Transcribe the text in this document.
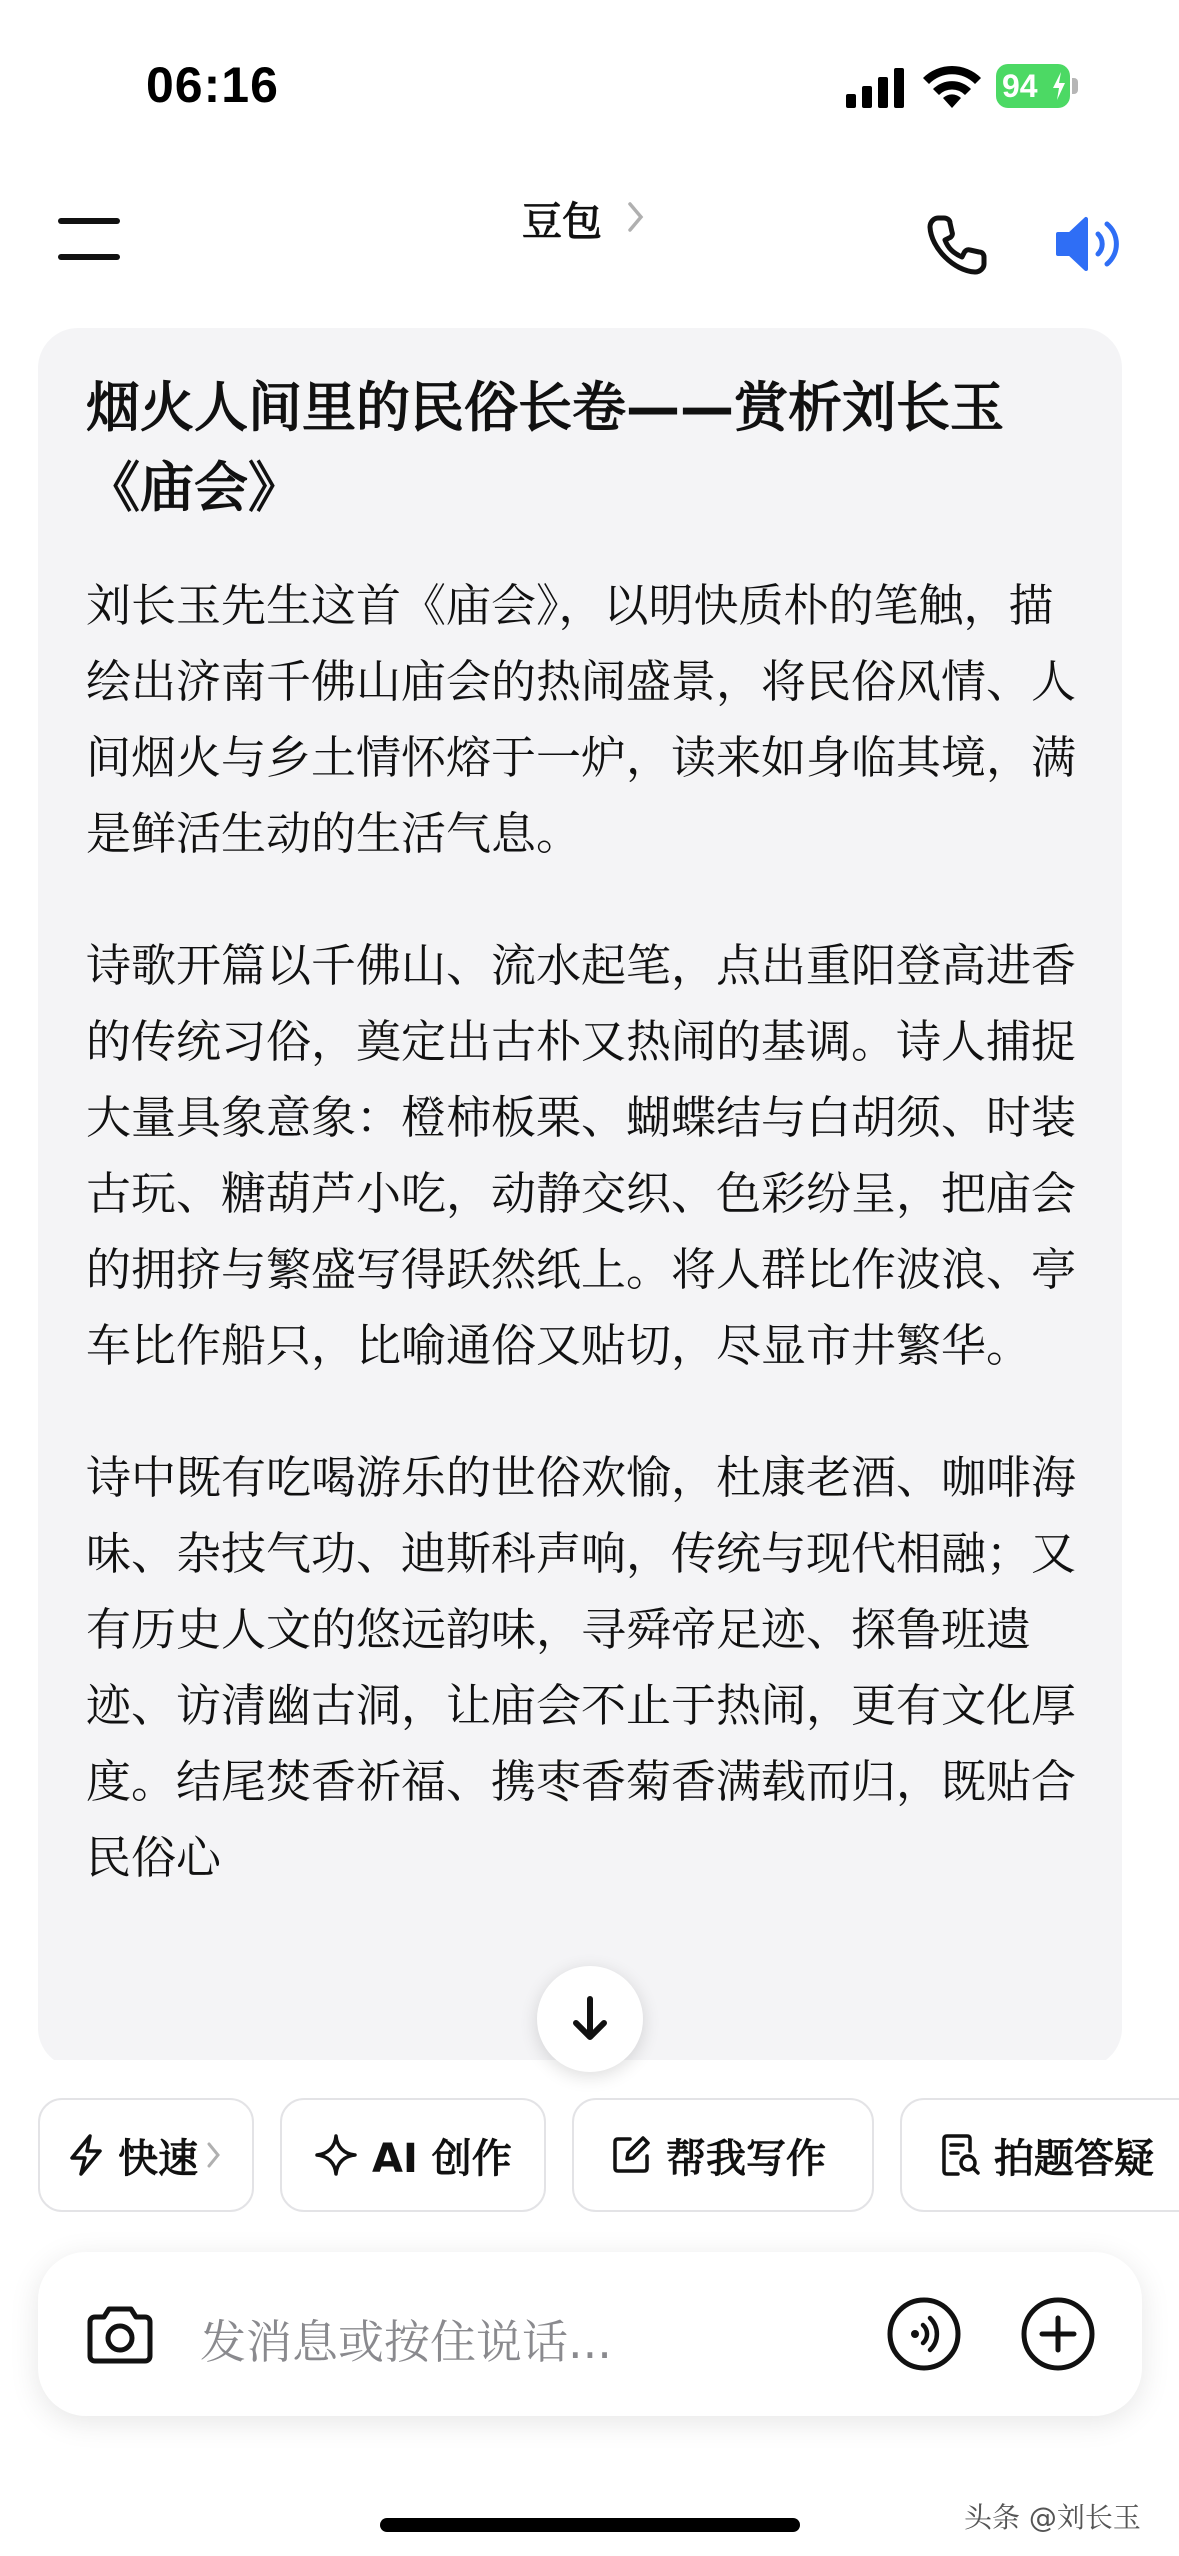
06:16	94
豆包
烟火人间里的民俗长卷——赏析刘长玉《庙会》
刘长玉先生这首《庙会》，以明快质朴的笔触，描绘出济南千佛山庙会的热闹盛景，将民俗风情、人间烟火与乡土情怀熔于一炉，读来如身临其境，满是鲜活生动的生活气息。
诗歌开篇以千佛山、流水起笔，点出重阳登高进香的传统习俗，奠定出古朴又热闹的基调。诗人捕捉大量具象意象：橙柿板栗、蝴蝶结与白胡须、时装古玩、糖葫芦小吃，动静交织、色彩纷呈，把庙会的拥挤与繁盛写得跃然纸上。将人群比作波浪、亭车比作船只，比喻通俗又贴切，尽显市井繁华。
诗中既有吃喝游乐的世俗欢愉，杜康老酒、咖啡海味、杂技气功、迪斯科声响，传统与现代相融；又有历史人文的悠远韵味，寻舜帝足迹、探鲁班遗迹、访清幽古洞，让庙会不止于热闹，更有文化厚度。结尾焚香祈福、携枣香菊香满载而归，既贴合民俗心
快速	AI 创作	帮我写作	拍题答疑
发消息或按住说话...
头条 @刘长玉
